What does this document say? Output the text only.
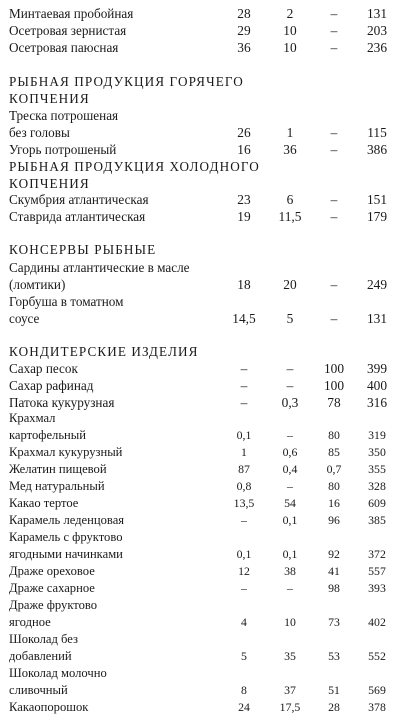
Минтаевая пробойная	28	2	–	131
Осетровая зернистая	29	10	–	203
Осетровая паюсная	36	10	–	236
РЫБНАЯ ПРОДУКЦИЯ ГОРЯЧЕГО
КОПЧЕНИЯ
Треска потрошеная
без головы	26	1	–	115
Угорь потрошеный	16	36	–	386
РЫБНАЯ ПРОДУКЦИЯ ХОЛОДНОГО
КОПЧЕНИЯ
Скумбрия атлантическая	23	6	–	151
Ставрида атлантическая	19	11,5	–	179
КОНСЕРВЫ РЫБНЫЕ
Сардины атлантические в масле
(ломтики)	18	20	–	249
Горбуша в томатном
соусе	14,5	5	–	131
КОНДИТЕРСКИЕ ИЗДЕЛИЯ
Сахар песок	–	–	100	399
Сахар рафинад	–	–	100	400
Патока кукурузная	–	0,3	78	316
Крахмал
картофельный	0,1	–	80	319
Крахмал кукурузный	1	0,6	85	350
Желатин пищевой	87	0,4	0,7	355
Мед натуральный	0,8	–	80	328
Какао тертое	13,5	54	16	609
Карамель леденцовая	–	0,1	96	385
Карамель с фруктово
ягодными начинками	0,1	0,1	92	372
Драже ореховое	12	38	41	557
Драже сахарное	–	–	98	393
Драже фруктово
ягодное	4	10	73	402
Шоколад без
добавлений	5	35	53	552
Шоколад молочно
сливочный	8	37	51	569
Какаопорошок	24	17,5	28	378
